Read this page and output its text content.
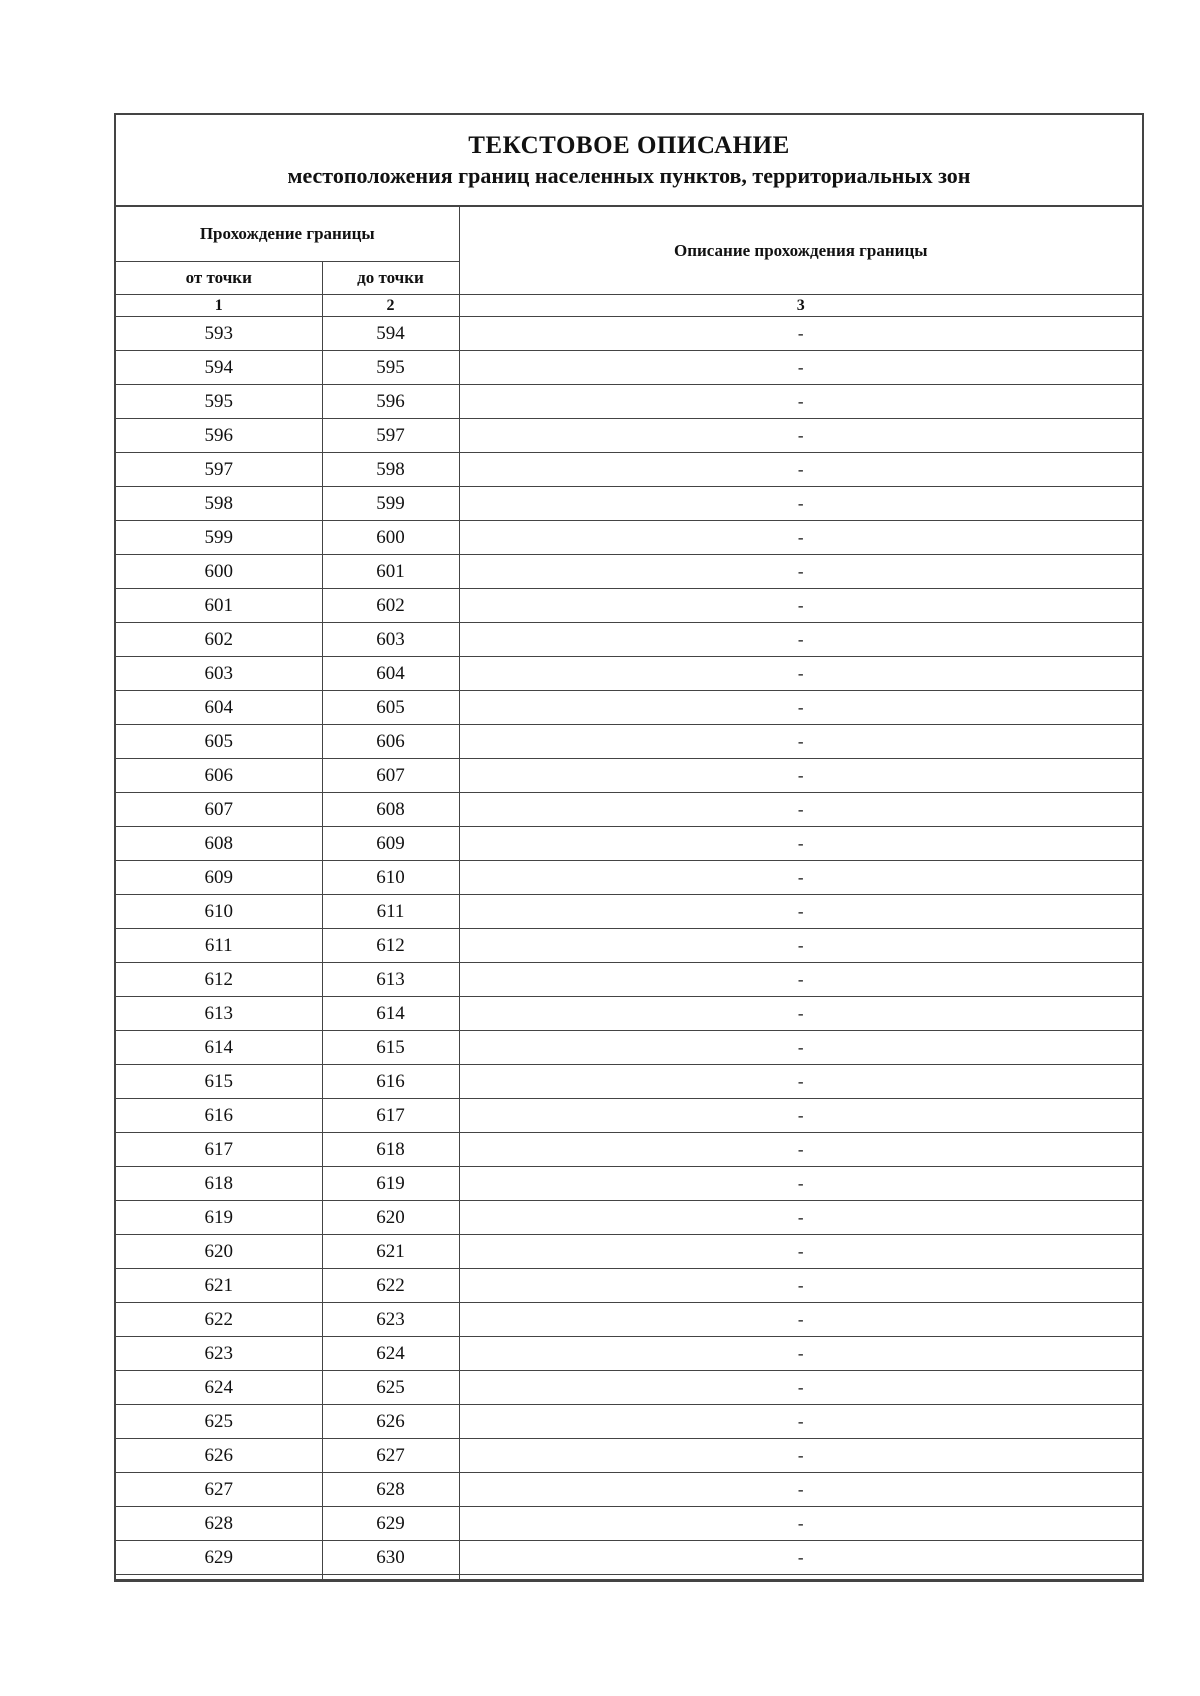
ТЕКСТОВОЕ ОПИСАНИЕ
местоположения границ населенных пунктов, территориальных зон
Прохождение границы		Описание прохождения границы
от точки	до точки	
1	2	3
593	594	-
594	595	-
595	596	-
596	597	-
597	598	-
598	599	-
599	600	-
600	601	-
601	602	-
602	603	-
603	604	-
604	605	-
605	606	-
606	607	-
607	608	-
608	609	-
609	610	-
610	611	-
611	612	-
612	613	-
613	614	-
614	615	-
615	616	-
616	617	-
617	618	-
618	619	-
619	620	-
620	621	-
621	622	-
622	623	-
623	624	-
624	625	-
625	626	-
626	627	-
627	628	-
628	629	-
629	630	-
